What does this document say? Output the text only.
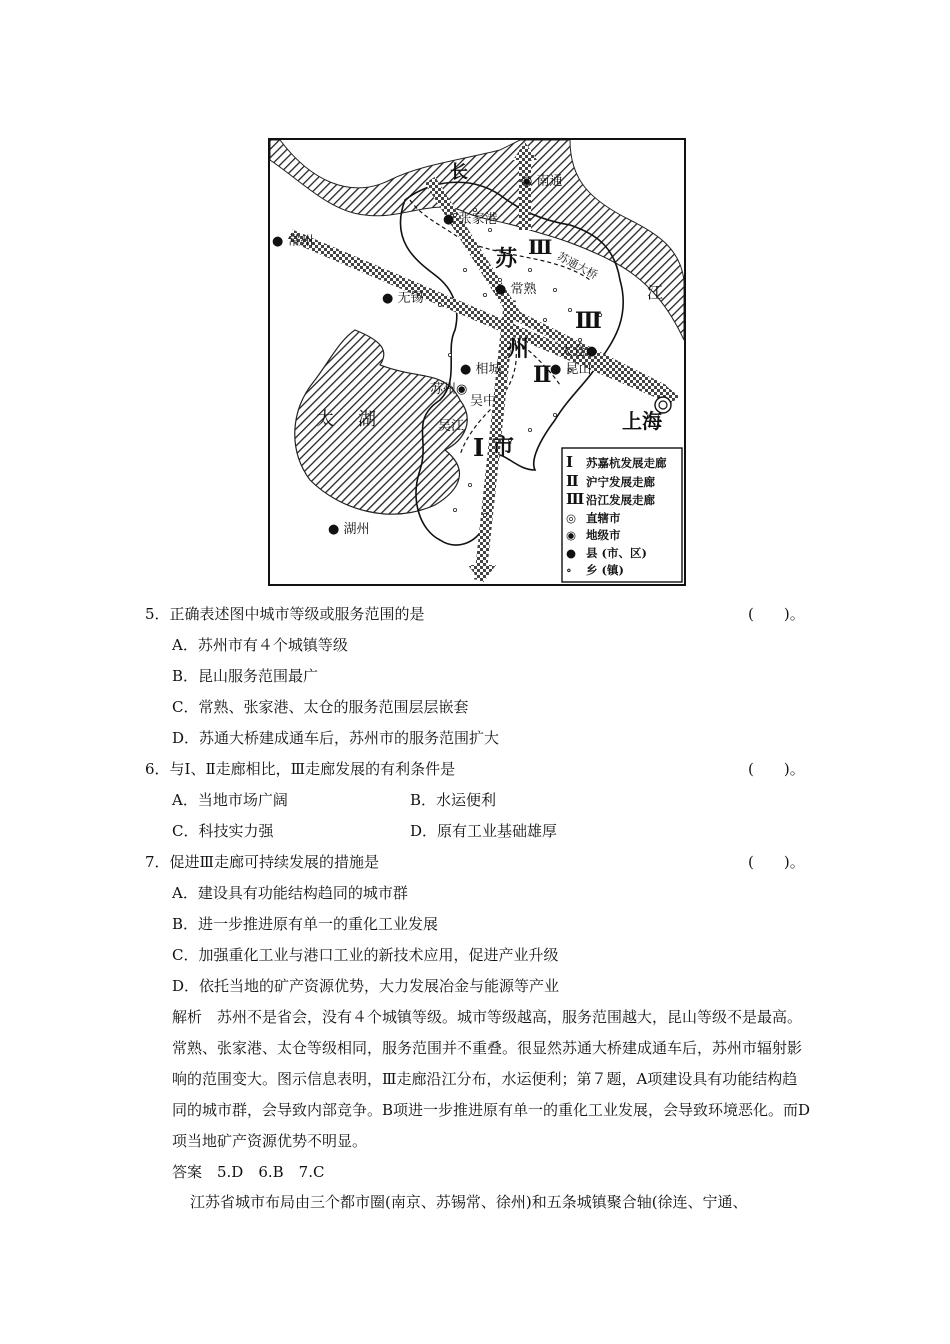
长
江
苏
州
市
太 湖	上海
苏通大桥
◉ 南通
● 张家港
● 常州
● 无锡
● 常熟
太仓●
● 相城
苏州◉
吴中
● 昆山
吴江
● 湖州
Ⅲ
Ⅲ
Ⅱ
Ⅰ	Ⅰ 苏嘉杭发展走廊
Ⅱ 沪宁发展走廊
Ⅲ 沿江发展走廊
◎ 直辖市
◉ 地级市
● 县 (市、区)
∘ 乡 (镇)
5．正确表述图中城市等级或服务范围的是	(　　)。
A．苏州市有４个城镇等级
B．昆山服务范围最广
C．常熟、张家港、太仓的服务范围层层嵌套
D．苏通大桥建成通车后，苏州市的服务范围扩大
6．与Ⅰ、Ⅱ走廊相比，Ⅲ走廊发展的有利条件是	(　　)。
A．当地市场广阔	B．水运便利
C．科技实力强	D．原有工业基础雄厚
7．促进Ⅲ走廊可持续发展的措施是	(　　)。
A．建设具有功能结构趋同的城市群
B．进一步推进原有单一的重化工业发展
C．加强重化工业与港口工业的新技术应用，促进产业升级
D．依托当地的矿产资源优势，大力发展冶金与能源等产业
解析　苏州不是省会，没有４个城镇等级。城市等级越高，服务范围越大，昆山等级不是最高。常熟、张家港、太仓等级相同，服务范围并不重叠。很显然苏通大桥建成通车后，苏州市辐射影响的范围变大。图示信息表明，Ⅲ走廊沿江分布，水运便利；第７题，A项建设具有功能结构趋同的城市群，会导致内部竞争。B项进一步推进原有单一的重化工业发展，会导致环境恶化。而D项当地矿产资源优势不明显。
答案　5.D　6.B　7.C
江苏省城市布局由三个都市圈(南京、苏锡常、徐州)和五条城镇聚合轴(徐连、宁通、
